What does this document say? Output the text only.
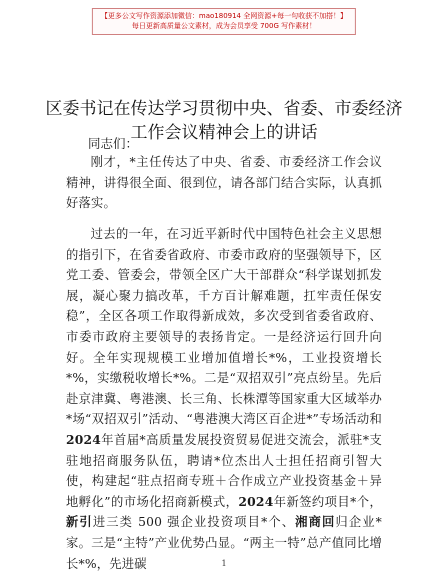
【更多公文写作资源添加微信：mao180914 全网资源+每一句收获不加搭！】
每日更新高质量公文素材，成为会员享受 700G 写作素材！
区委书记在传达学习贯彻中央、省委、市委经济工作会议精神会上的讲话
同志们：

刚才，*主任传达了中央、省委、市委经济工作会议精神，讲得很全面、很到位，请各部门结合实际，认真抓好落实。

过去的一年，在习近平新时代中国特色社会主义思想的指引下，在省委省政府、市委市政府的坚强领导下，区党工委、管委会，带领全区广大干部群众“科学谋划抓发展，凝心聚力搞改革，千方百计解难题，扛牢责任保安稳”，全区各项工作取得新成效，多次受到省委省政府、市委市政府主要领导的表扬肯定。一是经济运行回升向好。全年实现规模工业增加值增长*%，工业投资增长*%，实缴税收增长*%。二是“双招双引”亮点纷呈。先后赴京津冀、粤港澳、长三角、长株潭等国家重大区域举办*场“双招双引”活动、“粤港澳大湾区百企进*”专场活动和2024年首届*高质量发展投资贸易促进交流会，派驻*支驻地招商服务队伍，聘请*位杰出人士担任招商引智大使，构建起“驻点招商专班＋合作成立产业投资基金＋异地孵化”的市场化招商新模式，2024年新签约项目*个，新引进三类 500 强企业投资项目*个、湘商回归企业*家。三是“主特”产业优势凸显。“两主一特”总产值同比增长*%，先进碳	1
